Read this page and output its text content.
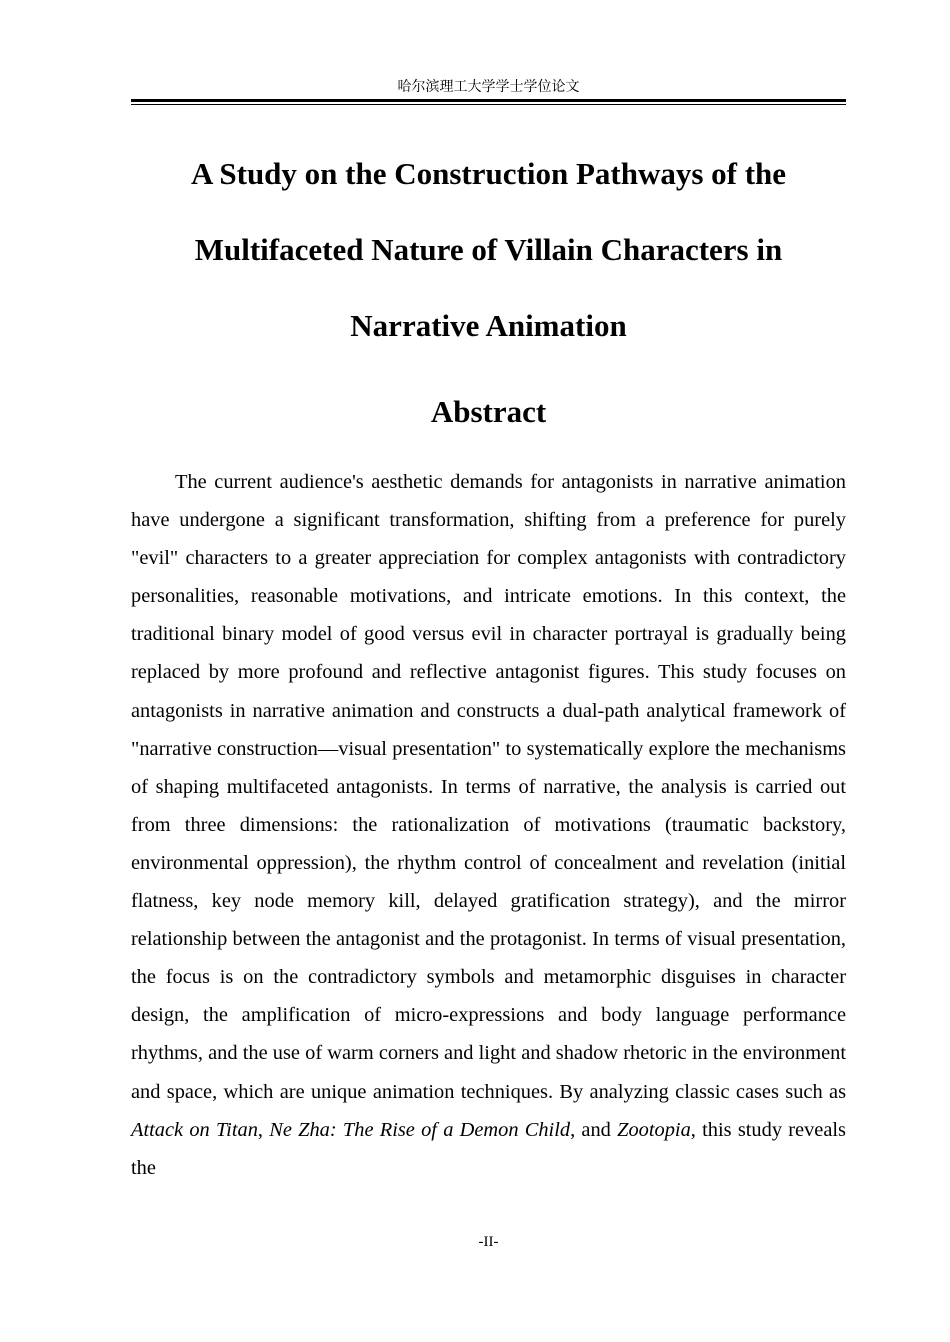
哈尔滨理工大学学士学位论文
A Study on the Construction Pathways of the
Multifaceted Nature of Villain Characters in
Narrative Animation
Abstract

The current audience's aesthetic demands for antagonists in narrative animation have undergone a significant transformation, shifting from a preference for purely "evil" characters to a greater appreciation for complex antagonists with contradictory personalities, reasonable motivations, and intricate emotions. In this context, the traditional binary model of good versus evil in character portrayal is gradually being replaced by more profound and reflective antagonist figures. This study focuses on antagonists in narrative animation and constructs a dual-path analytical framework of "narrative construction—visual presentation" to systematically explore the mechanisms of shaping multifaceted antagonists. In terms of narrative, the analysis is carried out from three dimensions: the rationalization of motivations (traumatic backstory, environmental oppression), the rhythm control of concealment and revelation (initial flatness, key node memory kill, delayed gratification strategy), and the mirror relationship between the antagonist and the protagonist. In terms of visual presentation, the focus is on the contradictory symbols and metamorphic disguises in character design, the amplification of micro-expressions and body language performance rhythms, and the use of warm corners and light and shadow rhetoric in the environment and space, which are unique animation techniques. By analyzing classic cases such as Attack on Titan, Ne Zha: The Rise of a Demon Child, and Zootopia, this study reveals the

-II-
